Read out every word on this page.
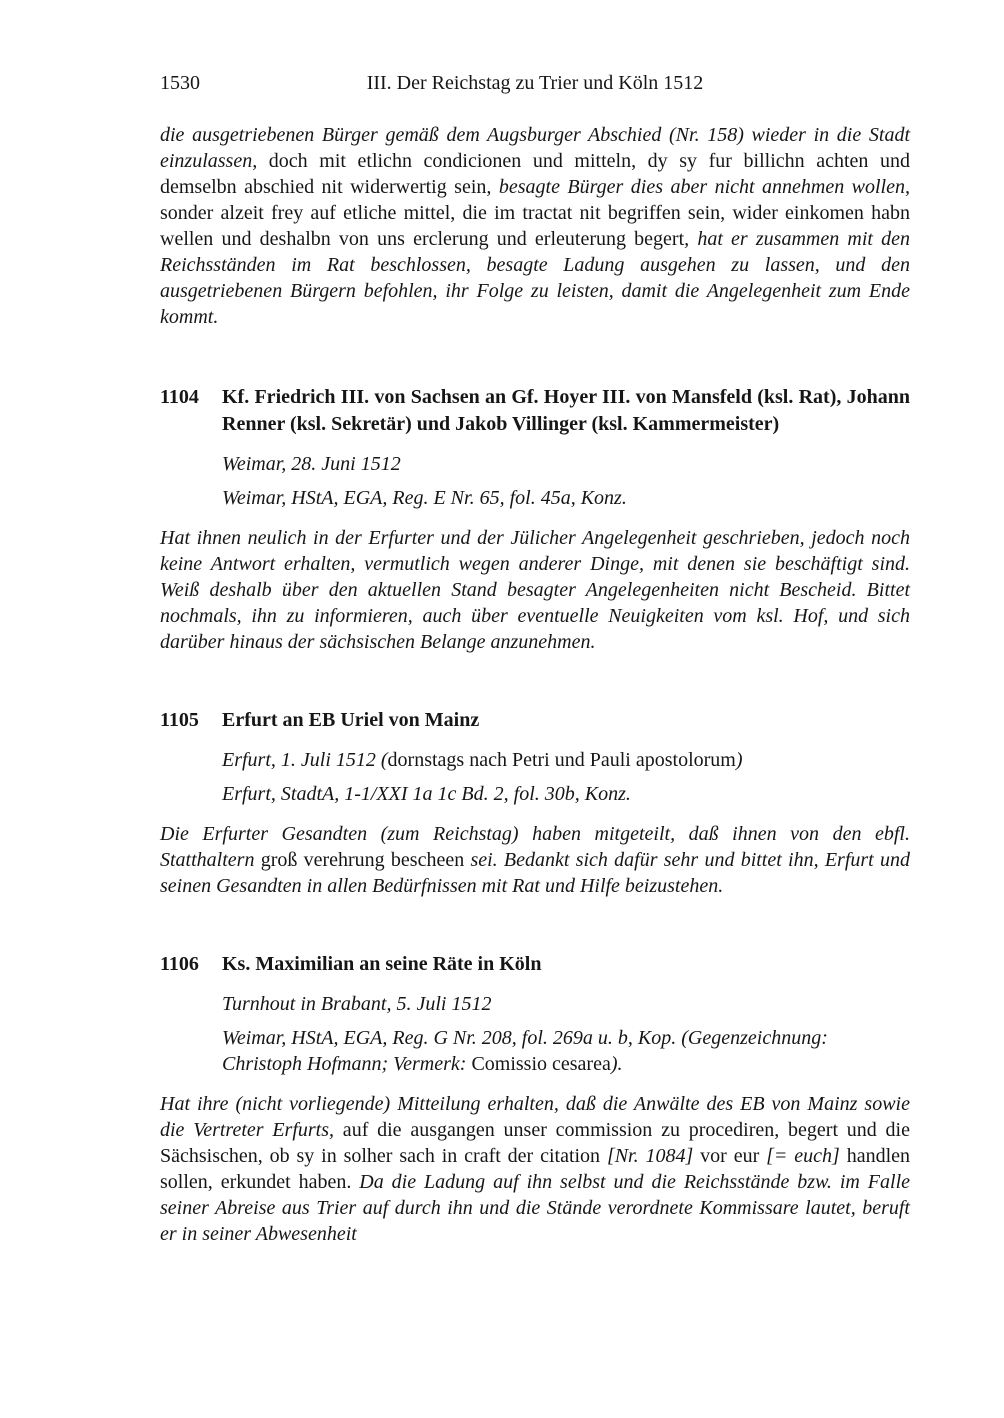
1530	III. Der Reichstag zu Trier und Köln 1512

die ausgetriebenen Bürger gemäß dem Augsburger Abschied (Nr. 158) wieder in die Stadt einzulassen, doch mit etlichn condicionen und mitteln, dy sy fur billichn achten und demselbn abschied nit widerwertig sein, besagte Bürger dies aber nicht annehmen wollen, sonder alzeit frey auf etliche mittel, die im tractat nit begriffen sein, wider einkomen habn wellen und deshalbn von uns erclerung und erleuterung begert, hat er zusammen mit den Reichsständen im Rat beschlossen, besagte Ladung ausgehen zu lassen, und den ausgetriebenen Bürgern befohlen, ihr Folge zu leisten, damit die Angelegenheit zum Ende kommt.

1104 Kf. Friedrich III. von Sachsen an Gf. Hoyer III. von Mansfeld (ksl. Rat), Johann Renner (ksl. Sekretär) und Jakob Villinger (ksl. Kammermeister)

Weimar, 28. Juni 1512

Weimar, HStA, EGA, Reg. E Nr. 65, fol. 45a, Konz.

Hat ihnen neulich in der Erfurter und der Jülicher Angelegenheit geschrieben, jedoch noch keine Antwort erhalten, vermutlich wegen anderer Dinge, mit denen sie beschäftigt sind. Weiß deshalb über den aktuellen Stand besagter Angelegenheiten nicht Bescheid. Bittet nochmals, ihn zu informieren, auch über eventuelle Neuigkeiten vom ksl. Hof, und sich darüber hinaus der sächsischen Belange anzunehmen.

1105 Erfurt an EB Uriel von Mainz

Erfurt, 1. Juli 1512 (dornstags nach Petri und Pauli apostolorum)

Erfurt, StadtA, 1-1/XXI 1a 1c Bd. 2, fol. 30b, Konz.

Die Erfurter Gesandten (zum Reichstag) haben mitgeteilt, daß ihnen von den ebfl. Statthaltern groß verehrung bescheen sei. Bedankt sich dafür sehr und bittet ihn, Erfurt und seinen Gesandten in allen Bedürfnissen mit Rat und Hilfe beizustehen.

1106 Ks. Maximilian an seine Räte in Köln

Turnhout in Brabant, 5. Juli 1512

Weimar, HStA, EGA, Reg. G Nr. 208, fol. 269a u. b, Kop. (Gegenzeichnung: Christoph Hofmann; Vermerk: Comissio cesarea).

Hat ihre (nicht vorliegende) Mitteilung erhalten, daß die Anwälte des EB von Mainz sowie die Vertreter Erfurts, auf die ausgangen unser commission zu procediren, begert und die Sächsischen, ob sy in solher sach in craft der citation [Nr. 1084] vor eur [= euch] handlen sollen, erkundet haben. Da die Ladung auf ihn selbst und die Reichsstände bzw. im Falle seiner Abreise aus Trier auf durch ihn und die Stände verordnete Kommissare lautet, beruft er in seiner Abwesenheit
